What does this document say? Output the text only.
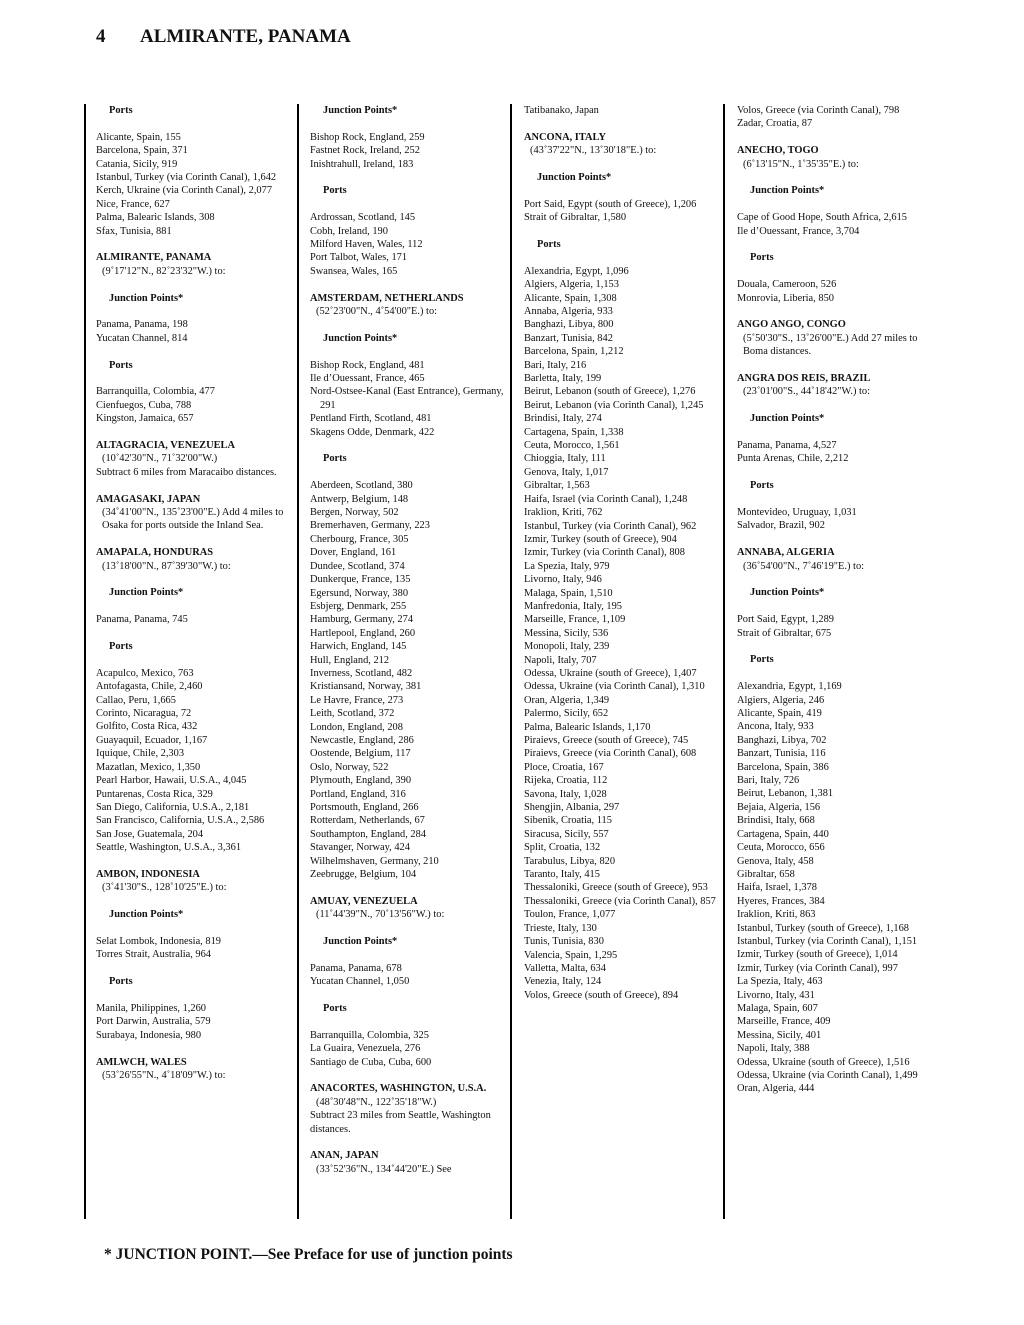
4 ALMIRANTE, PANAMA
Ports
Alicante, Spain, 155
Barcelona, Spain, 371
Catania, Sicily, 919
Istanbul, Turkey (via Corinth Canal), 1,642
Kerch, Ukraine (via Corinth Canal), 2,077
Nice, France, 627
Palma, Balearic Islands, 308
Sfax, Tunisia, 881
ALMIRANTE, PANAMA
(9˚17'12"N., 82˚23'32"W.) to:
Junction Points*
Panama, Panama, 198
Yucatan Channel, 814
Ports
Barranquilla, Colombia, 477
Cienfuegos, Cuba, 788
Kingston, Jamaica, 657
ALTAGRACIA, VENEZUELA
(10˚42'30"N., 71˚32'00"W.)
Subtract 6 miles from Maracaibo distances.
AMAGASAKI, JAPAN
(34˚41'00"N., 135˚23'00"E.) Add 4 miles to Osaka for ports outside the Inland Sea.
AMAPALA, HONDURAS
(13˚18'00"N., 87˚39'30"W.) to:
Junction Points*
Panama, Panama, 745
Ports
Acapulco, Mexico, 763
Antofagasta, Chile, 2,460
Callao, Peru, 1,665
Corinto, Nicaragua, 72
Golfito, Costa Rica, 432
Guayaquil, Ecuador, 1,167
Iquique, Chile, 2,303
Mazatlan, Mexico, 1,350
Pearl Harbor, Hawaii, U.S.A., 4,045
Puntarenas, Costa Rica, 329
San Diego, California, U.S.A., 2,181
San Francisco, California, U.S.A., 2,586
San Jose, Guatemala, 204
Seattle, Washington, U.S.A., 3,361
AMBON, INDONESIA
(3˚41'30"S., 128˚10'25"E.) to:
Junction Points*
Selat Lombok, Indonesia, 819
Torres Strait, Australia, 964
Ports
Manila, Philippines, 1,260
Port Darwin, Australia, 579
Surabaya, Indonesia, 980
AMLWCH, WALES
(53˚26'55"N., 4˚18'09"W.) to:
Junction Points*
Bishop Rock, England, 259
Fastnet Rock, Ireland, 252
Inishtrahull, Ireland, 183
Ports
Ardrossan, Scotland, 145
Cobh, Ireland, 190
Milford Haven, Wales, 112
Port Talbot, Wales, 171
Swansea, Wales, 165
AMSTERDAM, NETHERLANDS
(52˚23'00"N., 4˚54'00"E.) to:
Junction Points*
Bishop Rock, England, 481
Ile d’Ouessant, France, 465
Nord-Ostsee-Kanal (East Entrance), Germany, 291
Pentland Firth, Scotland, 481
Skagens Odde, Denmark, 422
Ports
Aberdeen, Scotland, 380
Antwerp, Belgium, 148
Bergen, Norway, 502
Bremerhaven, Germany, 223
Cherbourg, France, 305
Dover, England, 161
Dundee, Scotland, 374
Dunkerque, France, 135
Egersund, Norway, 380
Esbjerg, Denmark, 255
Hamburg, Germany, 274
Hartlepool, England, 260
Harwich, England, 145
Hull, England, 212
Inverness, Scotland, 482
Kristiansand, Norway, 381
Le Havre, France, 273
Leith, Scotland, 372
London, England, 208
Newcastle, England, 286
Oostende, Belgium, 117
Oslo, Norway, 522
Plymouth, England, 390
Portland, England, 316
Portsmouth, England, 266
Rotterdam, Netherlands, 67
Southampton, England, 284
Stavanger, Norway, 424
Wilhelmshaven, Germany, 210
Zeebrugge, Belgium, 104
AMUAY, VENEZUELA
(11˚44'39"N., 70˚13'56"W.) to:
Junction Points*
Panama, Panama, 678
Yucatan Channel, 1,050
Ports
Barranquilla, Colombia, 325
La Guaira, Venezuela, 276
Santiago de Cuba, Cuba, 600
ANACORTES, WASHINGTON, U.S.A.
(48˚30'48"N., 122˚35'18"W.)
Subtract 23 miles from Seattle, Washington distances.
ANAN, JAPAN
(33˚52'36"N., 134˚44'20"E.) See
Tatibanako, Japan
ANCONA, ITALY
(43˚37'22"N., 13˚30'18"E.) to:
Junction Points*
Port Said, Egypt (south of Greece), 1,206
Strait of Gibraltar, 1,580
Ports
Alexandria, Egypt, 1,096
Algiers, Algeria, 1,153
Alicante, Spain, 1,308
Annaba, Algeria, 933
Banghazi, Libya, 800
Banzart, Tunisia, 842
Barcelona, Spain, 1,212
Bari, Italy, 216
Barletta, Italy, 199
Beirut, Lebanon (south of Greece), 1,276
Beirut, Lebanon (via Corinth Canal), 1,245
Brindisi, Italy, 274
Cartagena, Spain, 1,338
Ceuta, Morocco, 1,561
Chioggia, Italy, 111
Genova, Italy, 1,017
Gibraltar, 1,563
Haifa, Israel (via Corinth Canal), 1,248
Iraklion, Kriti, 762
Istanbul, Turkey (via Corinth Canal), 962
Izmir, Turkey (south of Greece), 904
Izmir, Turkey (via Corinth Canal), 808
La Spezia, Italy, 979
Livorno, Italy, 946
Malaga, Spain, 1,510
Manfredonia, Italy, 195
Marseille, France, 1,109
Messina, Sicily, 536
Monopoli, Italy, 239
Napoli, Italy, 707
Odessa, Ukraine (south of Greece), 1,407
Odessa, Ukraine (via Corinth Canal), 1,310
Oran, Algeria, 1,349
Palermo, Sicily, 652
Palma, Balearic Islands, 1,170
Piraievs, Greece (south of Greece), 745
Piraievs, Greece (via Corinth Canal), 608
Ploce, Croatia, 167
Rijeka, Croatia, 112
Savona, Italy, 1,028
Shengjin, Albania, 297
Sibenik, Croatia, 115
Siracusa, Sicily, 557
Split, Croatia, 132
Tarabulus, Libya, 820
Taranto, Italy, 415
Thessaloniki, Greece (south of Greece), 953
Thessaloniki, Greece (via Corinth Canal), 857
Toulon, France, 1,077
Trieste, Italy, 130
Tunis, Tunisia, 830
Valencia, Spain, 1,295
Valletta, Malta, 634
Venezia, Italy, 124
Volos, Greece (south of Greece), 894
Volos, Greece (via Corinth Canal), 798
Zadar, Croatia, 87
ANECHO, TOGO
(6˚13'15"N., 1˚35'35"E.) to:
Junction Points*
Cape of Good Hope, South Africa, 2,615
Ile d’Ouessant, France, 3,704
Ports
Douala, Cameroon, 526
Monrovia, Liberia, 850
ANGO ANGO, CONGO
(5˚50'30"S., 13˚26'00"E.) Add 27 miles to Boma distances.
ANGRA DOS REIS, BRAZIL
(23˚01'00"S., 44˚18'42"W.) to:
Junction Points*
Panama, Panama, 4,527
Punta Arenas, Chile, 2,212
Ports
Montevideo, Uruguay, 1,031
Salvador, Brazil, 902
ANNABA, ALGERIA
(36˚54'00"N., 7˚46'19"E.) to:
Junction Points*
Port Said, Egypt, 1,289
Strait of Gibraltar, 675
Ports
Alexandria, Egypt, 1,169
Algiers, Algeria, 246
Alicante, Spain, 419
Ancona, Italy, 933
Banghazi, Libya, 702
Banzart, Tunisia, 116
Barcelona, Spain, 386
Bari, Italy, 726
Beirut, Lebanon, 1,381
Bejaia, Algeria, 156
Brindisi, Italy, 668
Cartagena, Spain, 440
Ceuta, Morocco, 656
Genova, Italy, 458
Gibraltar, 658
Haifa, Israel, 1,378
Hyeres, Frances, 384
Iraklion, Kriti, 863
Istanbul, Turkey (south of Greece), 1,168
Istanbul, Turkey (via Corinth Canal), 1,151
Izmir, Turkey (south of Greece), 1,014
Izmir, Turkey (via Corinth Canal), 997
La Spezia, Italy, 463
Livorno, Italy, 431
Malaga, Spain, 607
Marseille, France, 409
Messina, Sicily, 401
Napoli, Italy, 388
Odessa, Ukraine (south of Greece), 1,516
Odessa, Ukraine (via Corinth Canal), 1,499
Oran, Algeria, 444
* JUNCTION POINT.—See Preface for use of junction points
